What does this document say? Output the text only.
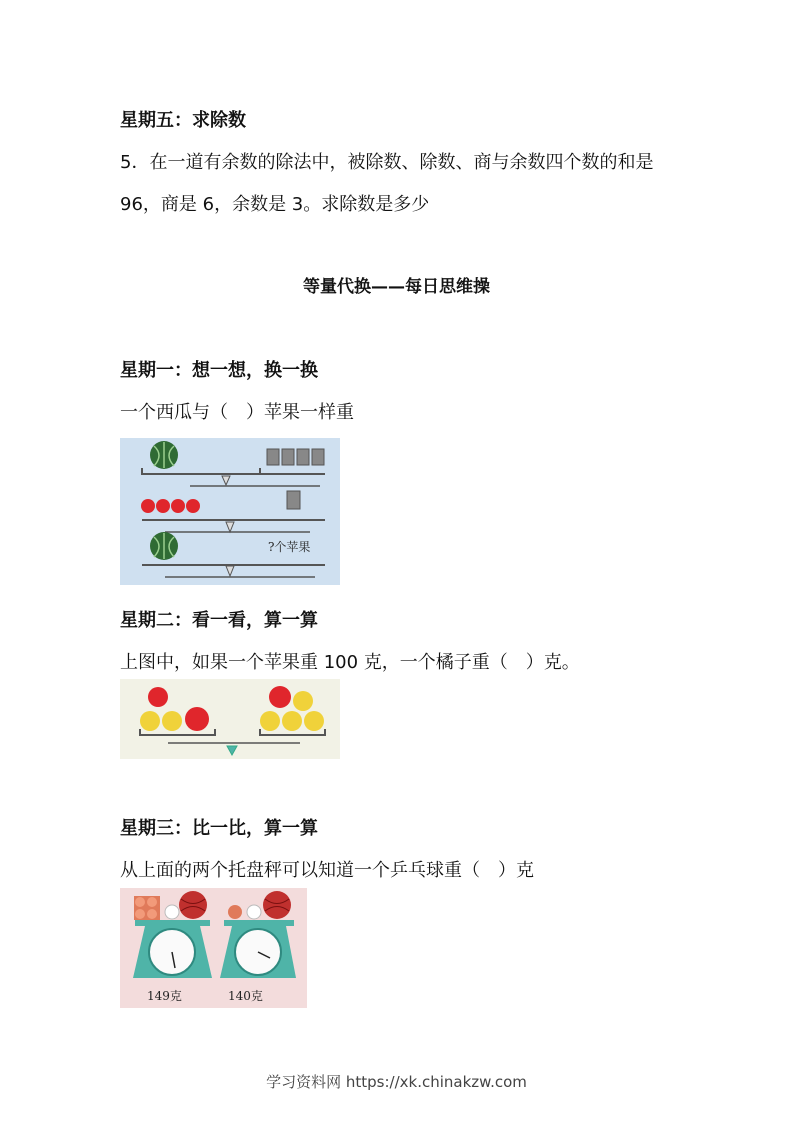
星期五：求除数
5．在一道有余数的除法中，被除数、除数、商与余数四个数的和是
96，商是 6，余数是 3。求除数是多少
等量代换——每日思维操
星期一：想一想，换一换
一个西瓜与（　）苹果一样重
?个苹果
星期二：看一看，算一算
上图中，如果一个苹果重 100 克，一个橘子重（　）克。
星期三：比一比，算一算
从上面的两个托盘秤可以知道一个乒乓球重（　）克
149克	140克
学习资料网 https://xk.chinakzw.com
